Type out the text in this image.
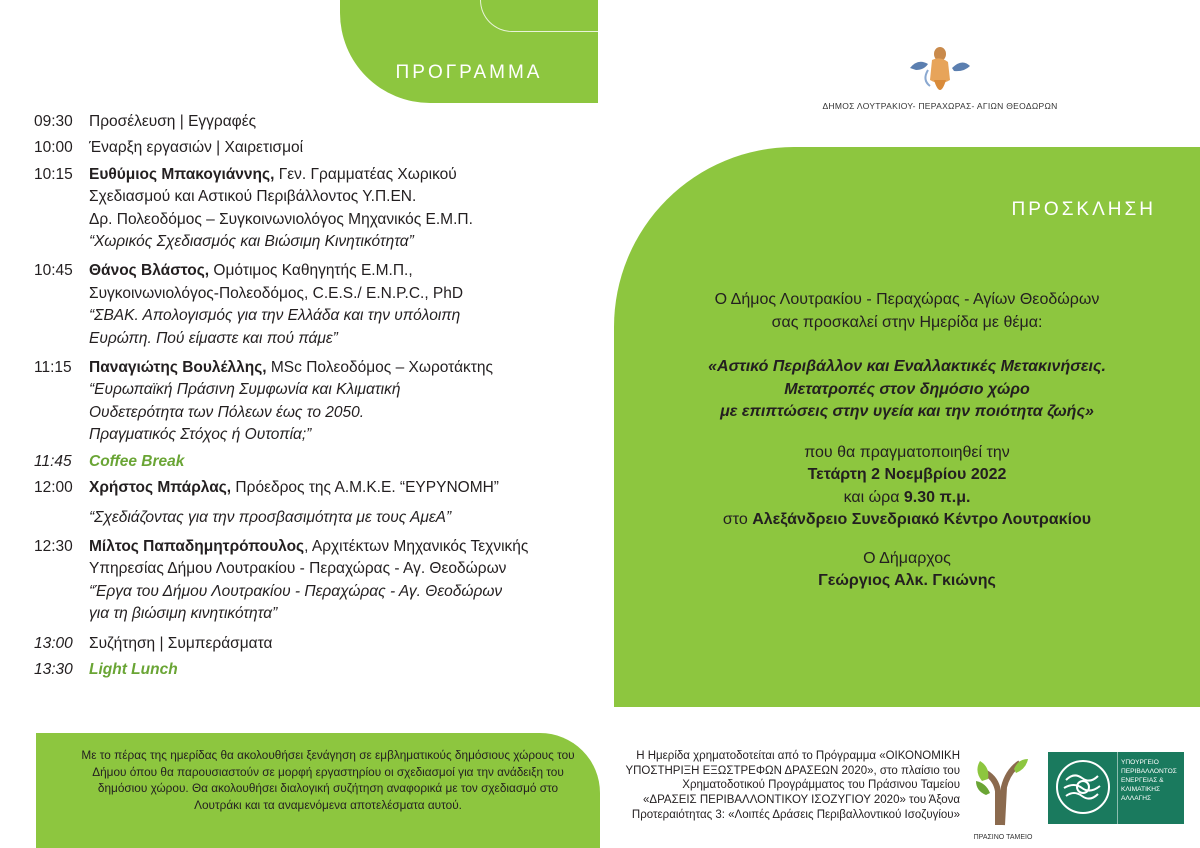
ΠΡΟΓΡΑΜΜΑ
09:30	Προσέλευση | Εγγραφές
10:00	Έναρξη εργασιών | Χαιρετισμοί
10:15	Ευθύμιος Μπακογιάννης, Γεν. Γραμματέας Χωρικού
Σχεδιασμού και Αστικού Περιβάλλοντος Υ.Π.ΕΝ.
Δρ. Πολεοδόμος – Συγκοινωνιολόγος Μηχανικός Ε.Μ.Π.
“Χωρικός Σχεδιασμός και Βιώσιμη Κινητικότητα”
10:45	Θάνος Βλάστος, Ομότιμος Καθηγητής Ε.Μ.Π.,
Συγκοινωνιολόγος-Πολεοδόμος, C.E.S./ E.N.P.C., PhD
“ΣΒΑΚ. Απολογισμός για την Ελλάδα και την υπόλοιπη
Ευρώπη. Πού είμαστε και πού πάμε”
11:15	Παναγιώτης Βουλέλλης, MSc Πολεοδόμος – Χωροτάκτης
“Ευρωπαϊκή Πράσινη Συμφωνία και Κλιματική
Ουδετερότητα των Πόλεων έως το 2050.
Πραγματικός Στόχος ή Ουτοπία;”
11:45	Coffee Break
12:00	Χρήστος Μπάρλας, Πρόεδρος της Α.Μ.Κ.Ε. “ΕΥΡΥΝΟΜΗ”
“Σχεδιάζοντας για την προσβασιμότητα με τους ΑμεΑ”
12:30	Μίλτος Παπαδημητρόπουλος, Αρχιτέκτων Μηχανικός Τεχνικής
Υπηρεσίας Δήμου Λουτρακίου - Περαχώρας - Αγ. Θεοδώρων
“Έργα του Δήμου Λουτρακίου - Περαχώρας - Αγ. Θεοδώρων
για τη βιώσιμη κινητικότητα”
13:00	Συζήτηση | Συμπεράσματα
13:30	Light Lunch
ΔΗΜΟΣ ΛΟΥΤΡΑΚΙΟΥ- ΠΕΡΑΧΩΡΑΣ- ΑΓΙΩΝ ΘΕΟΔΩΡΩΝ
ΠΡΟΣΚΛΗΣΗ
Ο Δήμος Λουτρακίου - Περαχώρας - Αγίων Θεοδώρων
σας προσκαλεί στην Ημερίδα με θέμα:
«Αστικό Περιβάλλον και Εναλλακτικές Μετακινήσεις.
Μετατροπές στον δημόσιο χώρο
με επιπτώσεις στην υγεία και την ποιότητα ζωής»
που θα πραγματοποιηθεί την
Τετάρτη 2 Νοεμβρίου 2022
και ώρα 9.30 π.μ.
στο Αλεξάνδρειο Συνεδριακό Κέντρο Λουτρακίου
Ο Δήμαρχος
Γεώργιος Αλκ. Γκιώνης

Με το πέρας της ημερίδας θα ακολουθήσει ξενάγηση σε εμβληματικούς δημόσιους χώρους του Δήμου όπου θα παρουσιαστούν σε μορφή εργαστηρίου οι σχεδιασμοί για την ανάδειξη του δημόσιου χώρου. Θα ακολουθήσει διαλογική συζήτηση αναφορικά με τον σχεδιασμό στο Λουτράκι και τα αναμενόμενα αποτελέσματα αυτού.

Η Ημερίδα χρηματοδοτείται από το Πρόγραμμα «ΟΙΚΟΝΟΜΙΚΗ
ΥΠΟΣΤΗΡΙΞΗ ΕΞΩΣΤΡΕΦΩΝ ΔΡΑΣΕΩΝ 2020», στο πλαίσιο του
Χρηματοδοτικού Προγράμματος του Πράσινου Ταμείου
«ΔΡΑΣΕΙΣ ΠΕΡΙΒΑΛΛΟΝΤΙΚΟΥ ΙΣΟΖΥΓΙΟΥ 2020» του Άξονα
Προτεραιότητας 3: «Λοιπές Δράσεις Περιβαλλοντικού Ισοζυγίου»
ΠΡΑΣΙΝΟ ΤΑΜΕΙΟ
ΥΠΟΥΡΓΕΙΟ
ΠΕΡΙΒΑΛΛΟΝΤΟΣ
ΕΝΕΡΓΕΙΑΣ &
ΚΛΙΜΑΤΙΚΗΣ
ΑΛΛΑΓΗΣ
